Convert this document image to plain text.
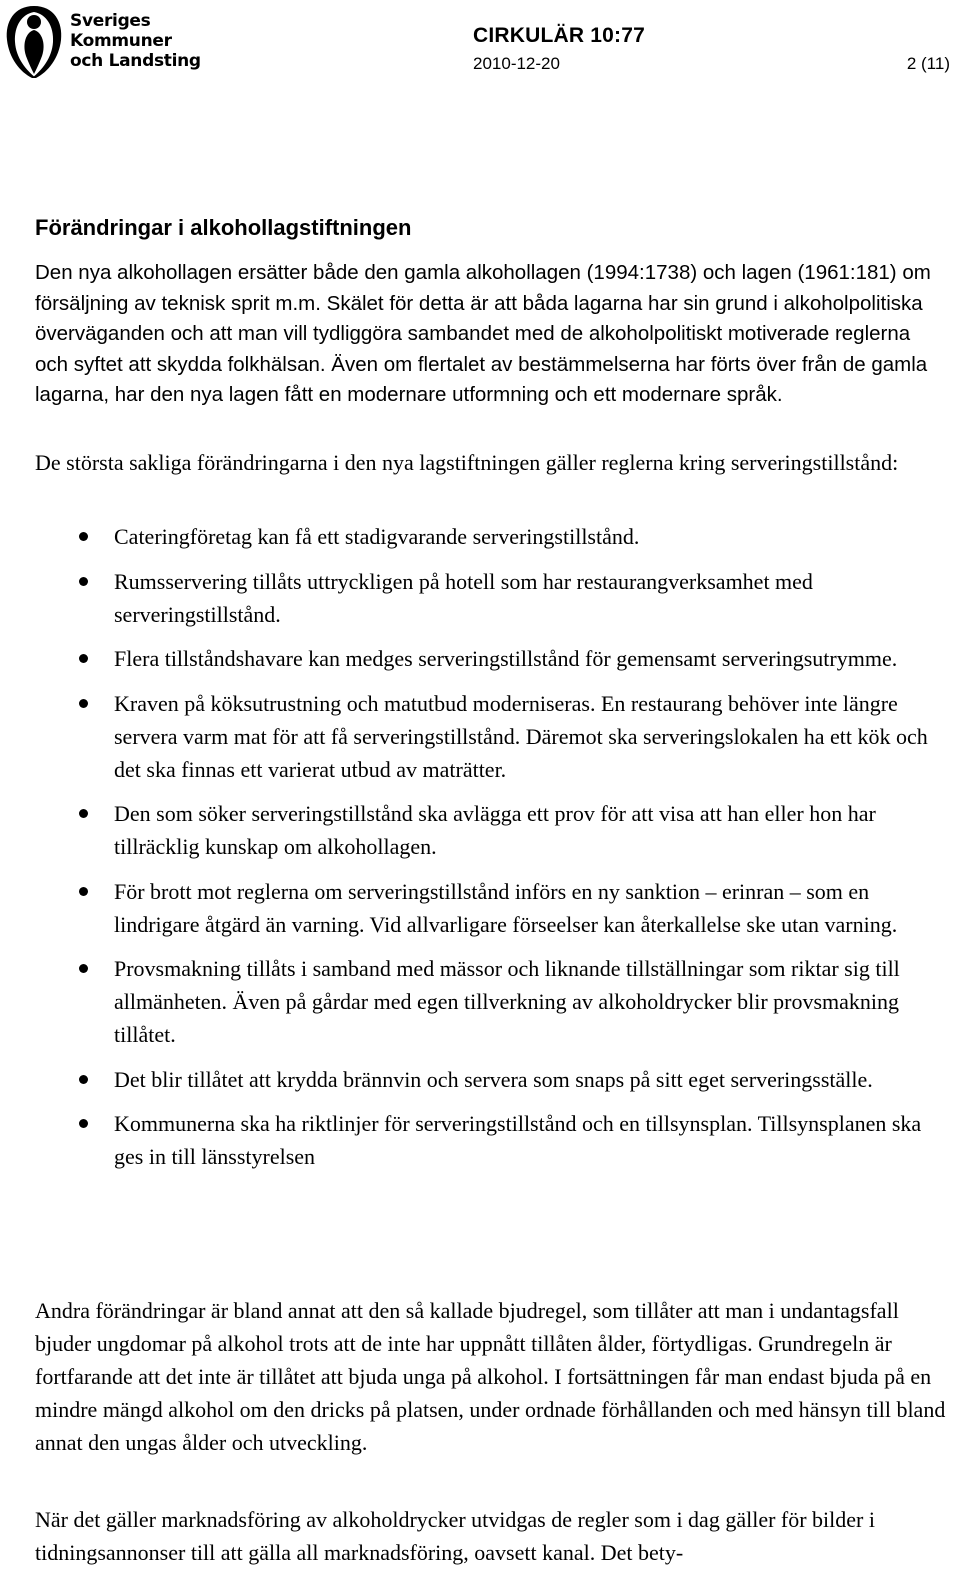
Sveriges
Kommuner
och Landsting
CIRKULÄR 10:77
2010-12-20	2 (11)
Förändringar i alkohollagstiftningen

Den nya alkohollagen ersätter både den gamla alkohollagen (1994:1738) och lagen (1961:181) om försäljning av teknisk sprit m.m. Skälet för detta är att båda lagarna har sin grund i alkoholpolitiska överväganden och att man vill tydliggöra sambandet med de alkoholpolitiskt motiverade reglerna och syftet att skydda folkhälsan. Även om flertalet av bestämmelserna har förts över från de gamla lagarna, har den nya lagen fått en modernare utformning och ett modernare språk.

De största sakliga förändringarna i den nya lagstiftningen gäller reglerna kring serveringstillstånd:

Cateringföretag kan få ett stadigvarande serveringstillstånd.
Rumsservering tillåts uttryckligen på hotell som har restaurangverksamhet med serveringstillstånd.
Flera tillståndshavare kan medges serveringstillstånd för gemensamt serveringsutrymme.
Kraven på köksutrustning och matutbud moderniseras. En restaurang behöver inte längre servera varm mat för att få serveringstillstånd. Däremot ska serveringslokalen ha ett kök och det ska finnas ett varierat utbud av maträtter.
Den som söker serveringstillstånd ska avlägga ett prov för att visa att han eller hon har tillräcklig kunskap om alkohollagen.
För brott mot reglerna om serveringstillstånd införs en ny sanktion – erinran – som en lindrigare åtgärd än varning. Vid allvarligare förseelser kan återkallelse ske utan varning.
Provsmakning tillåts i samband med mässor och liknande tillställningar som riktar sig till allmänheten. Även på gårdar med egen tillverkning av alkoholdrycker blir provsmakning tillåtet.
Det blir tillåtet att krydda brännvin och servera som snaps på sitt eget serveringsställe.
Kommunerna ska ha riktlinjer för serveringstillstånd och en tillsynsplan. Tillsynsplanen ska ges in till länsstyrelsen

Andra förändringar är bland annat att den så kallade bjudregel, som tillåter att man i undantagsfall bjuder ungdomar på alkohol trots att de inte har uppnått tillåten ålder, förtydligas. Grundregeln är fortfarande att det inte är tillåtet att bjuda unga på alkohol. I fortsättningen får man endast bjuda på en mindre mängd alkohol om den dricks på platsen, under ordnade förhållanden och med hänsyn till bland annat den ungas ålder och utveckling.

När det gäller marknadsföring av alkoholdrycker utvidgas de regler som i dag gäller för bilder i tidningsannonser till att gälla all marknadsföring, oavsett kanal. Det bety-
